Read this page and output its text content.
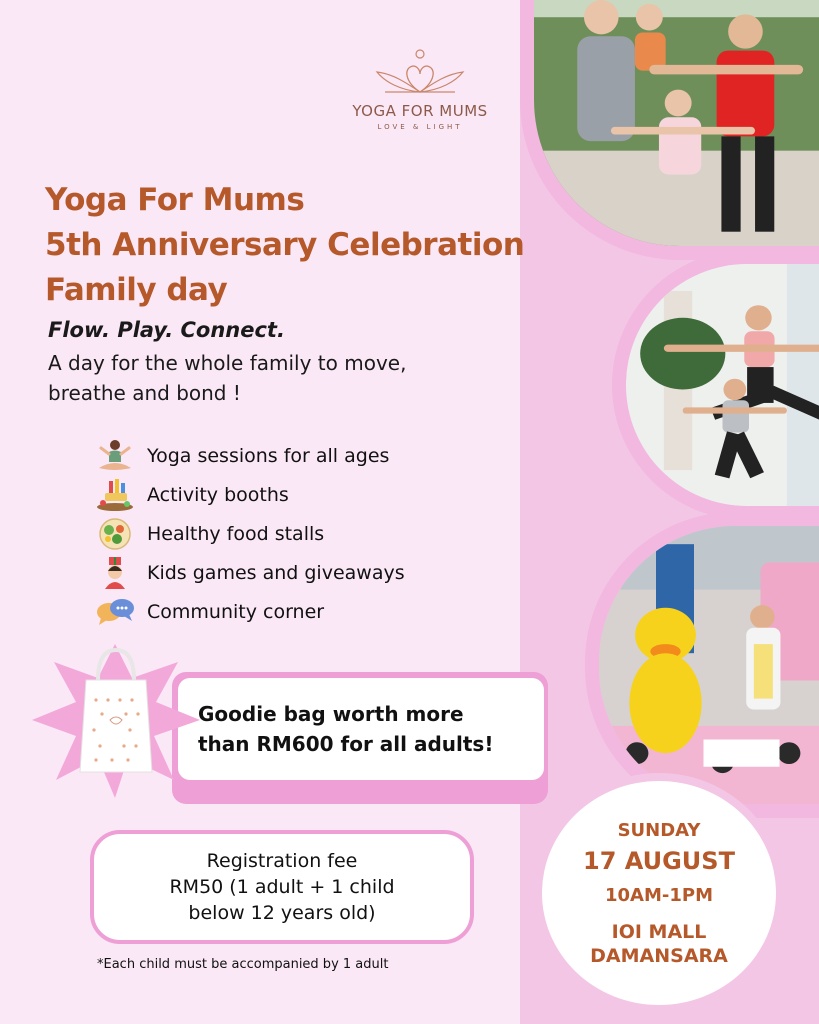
YOGA FOR MUMS
LOVE & LIGHT
Yoga For Mums
5th Anniversary Celebration
Family day
Flow. Play. Connect.
A day for the whole family to move,
breathe and bond !
Yoga sessions for all ages
Activity booths
Healthy food stalls
Kids games and giveaways
Community corner
Goodie bag worth more
than RM600 for all adults!
Registration fee
RM50 (1 adult + 1 child
below 12 years old)
*Each child must be accompanied by 1 adult
SUNDAY
17 AUGUST
10AM-1PM
IOI MALL
DAMANSARA
